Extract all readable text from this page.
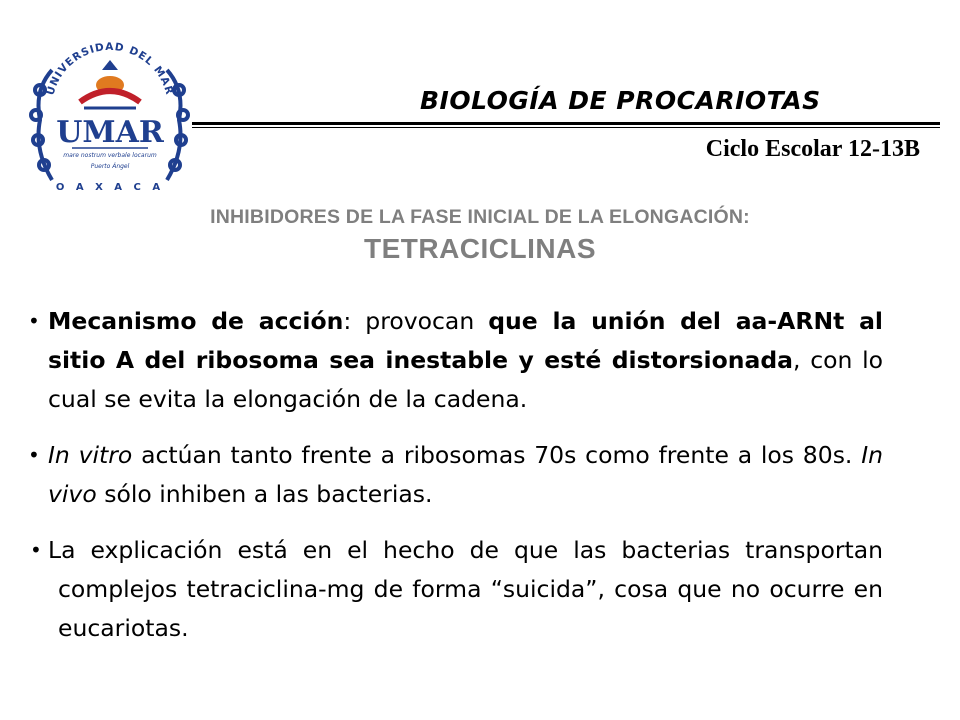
UNIVERSIDAD DEL MAR
UMAR
mare nostrum verbale locarum
Puerto Ángel
O A X A C A
BIOLOGÍA DE PROCARIOTAS

Ciclo Escolar 12-13B

INHIBIDORES DE LA FASE INICIAL DE LA ELONGACIÓN:
TETRACICLINAS
• Mecanismo de acción: provocan que la unión del aa-ARNt al sitio A del ribosoma sea inestable y esté distorsionada, con lo cual se evita la elongación de la cadena.
• In vitro actúan tanto frente a ribosomas 70s como frente a los 80s. In vivo sólo inhiben a las bacterias.
• La explicación está en el hecho de que las bacterias transportan complejos tetraciclina-mg de forma “suicida”, cosa que no ocurre en eucariotas.
